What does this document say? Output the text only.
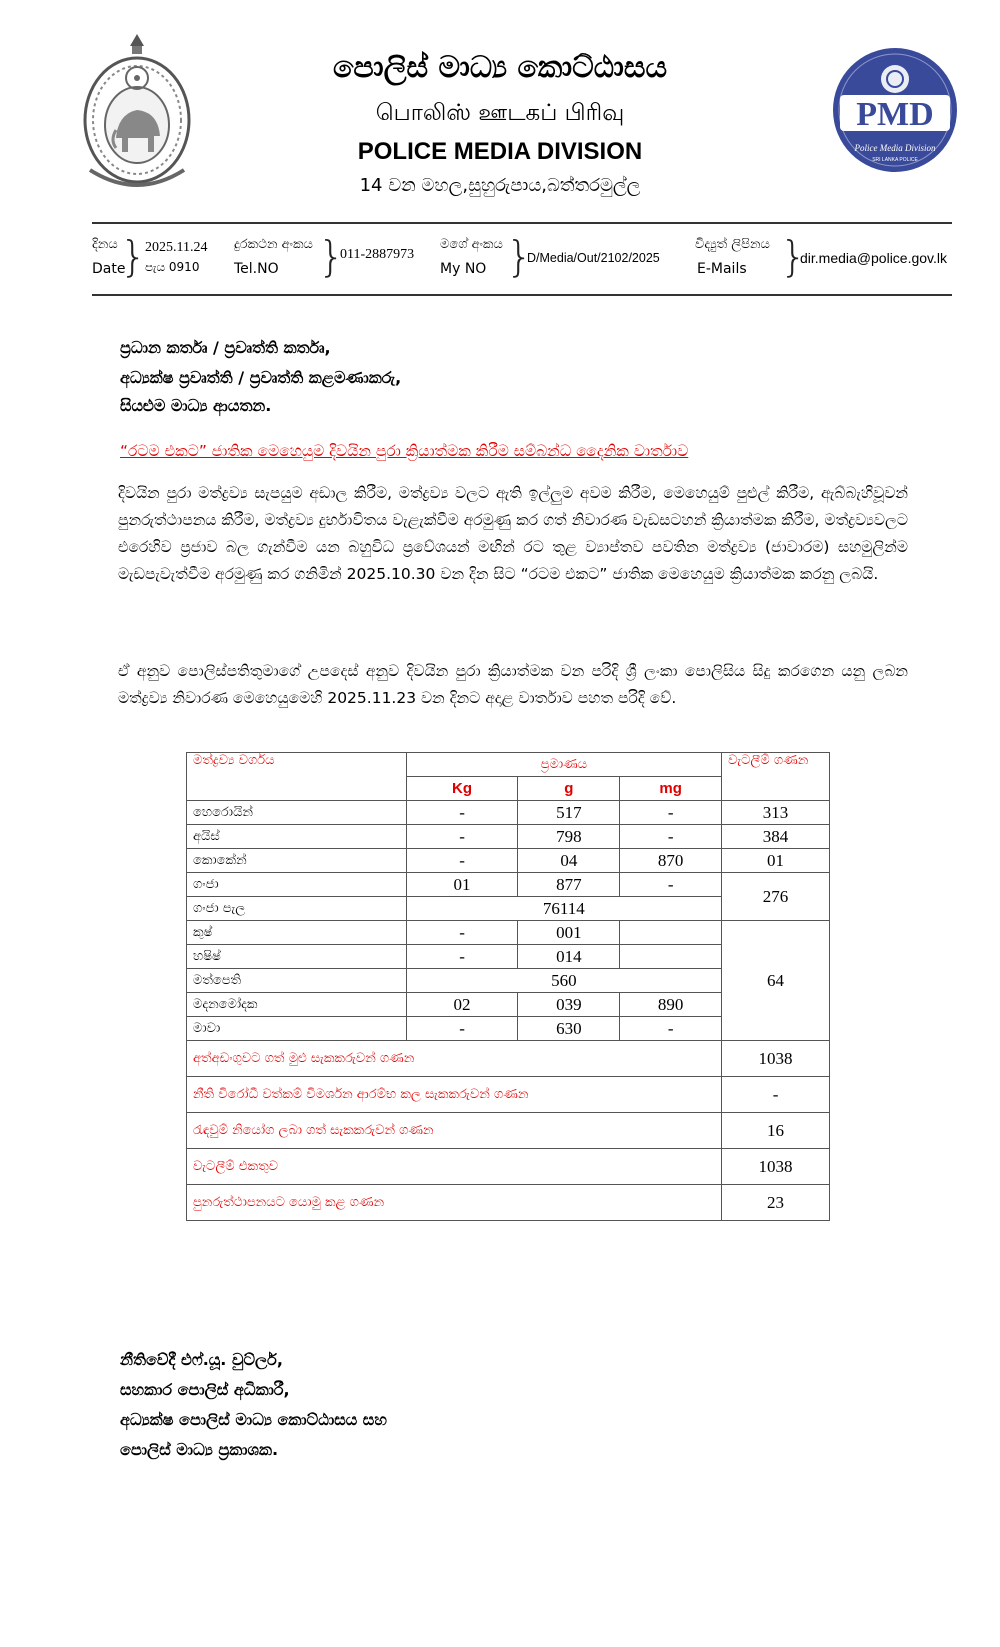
පොලිස් මාධ්‍ය කොට්ඨාසය
பொலிஸ் ஊடகப் பிரிவு
POLICE MEDIA DIVISION
14 වන මහල,සුහුරුපාය,බත්තරමුල්ල
PMD
Police Media Division
SRI LANKA POLICE
දිනය
Date
}
2025.11.24
පැය 0910
දුරකථන අංකය
Tel.NO }
011-2887973
මගේ අංකය
My NO }
D/Media/Out/2102/2025
විද්‍යුත් ලිපිනය
E-Mails }
dir.media@police.gov.lk
ප්‍රධාන කර්තෘ / ප්‍රවෘත්ති කර්තෘ,
අධ්‍යක්ෂ ප්‍රවෘත්ති / ප්‍රවෘත්ති කළමණාකරු,
සියළුම මාධ්‍ය ආයතන.
“රටම එකට” ජාතික මෙහෙයුම දිවයින පුරා ක්‍රියාත්මක කිරීම සම්බන්ධ දෛනික වාර්තාව
දිවයින පුරා මත්ද්‍රව්‍ය සැපයුම අඩාල කිරීම, මත්ද්‍රව්‍ය වලට ඇති ඉල්ලුම අවම කිරීම, මෙහෙයුම් පුළුල් කිරීම, ඇබ්බැහිවූවන් පුනරුත්ථාපනය කිරීම, මත්ද්‍රව්‍ය දුර්භාවිතය වැළැක්වීම අරමුණු කර ගත් නිවාරණ වැඩසටහන් ක්‍රියාත්මක කිරීම, මත්ද්‍රව්‍යවලට එරෙහිව ප්‍රජාව බල ගැන්වීම යන බහුවිධ ප්‍රවේශයන් මඟින් රට තුළ ව්‍යාප්තව පවතින මත්ද්‍රව්‍ය (ජාවාරම) සහමුලින්ම මැඩපැවැත්වීම අරමුණු කර ගනිමින් 2025.10.30 වන දින සිට “රටම එකට” ජාතික මෙහෙයුම ක්‍රියාත්මක කරනු ලබයි.
ඒ අනුව පොලිස්පතිතුමාගේ උපදෙස් අනුව දිවයින පුරා ක්‍රියාත්මක වන පරිදි ශ්‍රී ලංකා පොලිසිය සිදු කරගෙන යනු ලබන මත්ද්‍රව්‍ය නිවාරණ මෙහෙයුමෙහි 2025.11.23 වන දිනට අදාළ වාර්තාව පහත පරිදි වේ.
මත්ද්‍රව්‍ය වර්ගය	ප්‍රමාණය			වැටලීම් ගණන
	Kg	g	mg	
හෙරොයින්	-	517	-	313
අයිස්	-	798	-	384
කොකේන්	-	04	870	01
ගංජා	01	877	-	276
ගංජා පැල	76114			
කුෂ්	-	001		64
හෂිෂ්	-	014		
මත්පෙති	560			
මදනමෝදක	02	039	890	
මාවා	-	630	-	
අත්අඩංගුවට ගත් මුළු සැකකරුවන් ගණන				1038
නීති විරෝධී වත්කම් විමර්ශන ආරම්භ කල සැකකරුවන් ගණන				-
රැඳවුම් නියෝග ලබා ගත් සැකකරුවන් ගණන				16
වැටලීම් එකතුව				1038
පුනරුත්ථාපනයට යොමු කළ ගණන				23
නීතිවේදී එෆ්.යූ. වුට්ලර්,
සහකාර පොලිස් අධිකාරී,
අධ්‍යක්ෂ පොලිස් මාධ්‍ය කොට්ඨාසය සහ
පොලිස් මාධ්‍ය ප්‍රකාශක.
